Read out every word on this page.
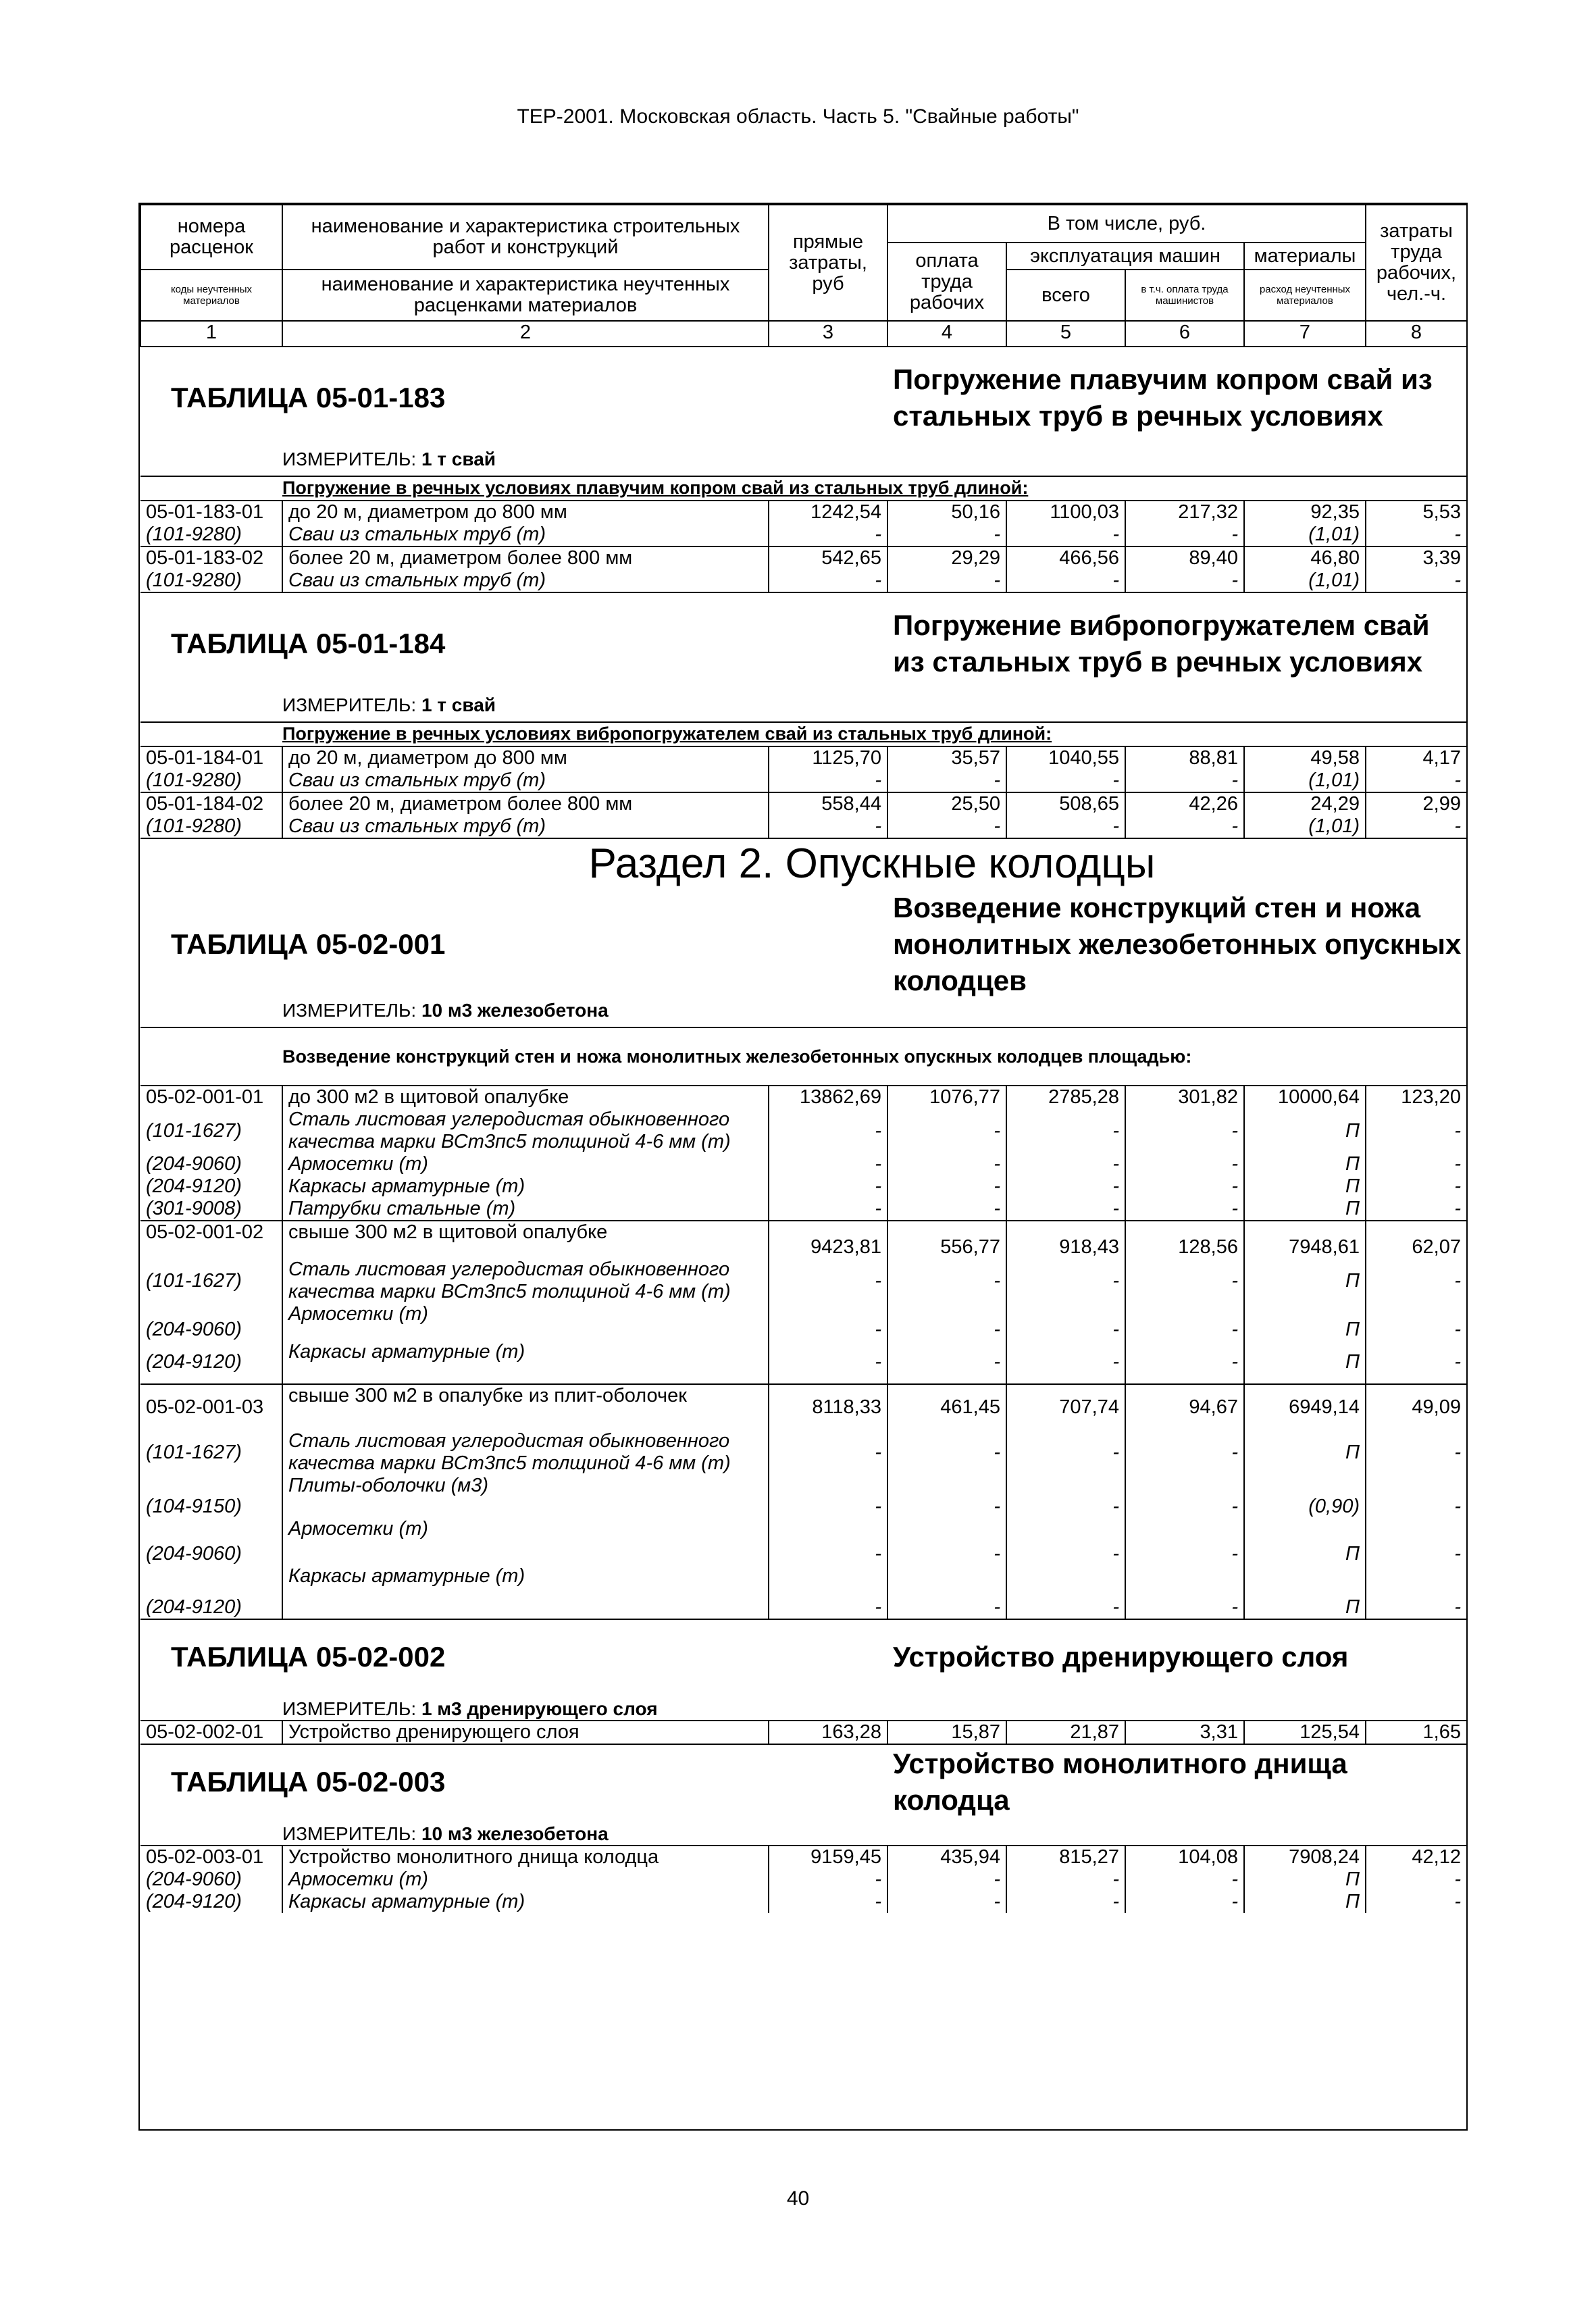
ТЕР-2001. Московская область. Часть 5. "Свайные работы"
номера расценок	наименование и характеристика строительных работ и конструкций	прямые затраты, руб	В том числе, руб.				затраты труда рабочих, чел.-ч.
			оплата труда рабочих	эксплуатация машин		материалы	
коды неучтенных материалов	наименование и характеристика неучтенных расценками материалов			всего	в т.ч. оплата труда машинистов	расход неучтенных материалов	

1	2	3	4	5	6	7	8
ТАБЛИЦА 05-01-183			Погружение плавучим копром свай из стальных труб в речных условиях				
ИЗМЕРИТЕЛЬ: 1 т свай							
Погружение в речных условиях плавучим копром свай из стальных труб длиной:							
05-01-183-01	до 20 м, диаметром до 800 мм	1242,54	50,16	1100,03	217,32	92,35	5,53
(101-9280)	Сваи из стальных труб (т)	-	-	-	-	(1,01)	-
05-01-183-02	более 20 м, диаметром более 800 мм	542,65	29,29	466,56	89,40	46,80	3,39
(101-9280)	Сваи из стальных труб (т)	-	-	-	-	(1,01)	-
ТАБЛИЦА 05-01-184			Погружение вибропогружателем свай из стальных труб в речных условиях				
ИЗМЕРИТЕЛЬ: 1 т свай							
Погружение в речных условиях вибропогружателем свай из стальных труб длиной:							
05-01-184-01	до 20 м, диаметром до 800 мм	1125,70	35,57	1040,55	88,81	49,58	4,17
(101-9280)	Сваи из стальных труб (т)	-	-	-	-	(1,01)	-
05-01-184-02	более 20 м, диаметром более 800 мм	558,44	25,50	508,65	42,26	24,29	2,99
(101-9280)	Сваи из стальных труб (т)	-	-	-	-	(1,01)	-
Раздел 2. Опускные колодцы							
ТАБЛИЦА 05-02-001			Возведение конструкций стен и ножа монолитных железобетонных опускных колодцев				
ИЗМЕРИТЕЛЬ: 10 м3 железобетона							
Возведение конструкций стен и ножа монолитных железобетонных опускных колодцев площадью:							
05-02-001-01	до 300 м2 в щитовой опалубке	13862,69	1076,77	2785,28	301,82	10000,64	123,20
(101-1627)	Сталь листовая углеродистая обыкновенного качества марки ВСт3пс5 толщиной 4-6 мм (т)	-	-	-	-	П	-
(204-9060)	Армосетки (т)	-	-	-	-	П	-
(204-9120)	Каркасы арматурные (т)	-	-	-	-	П	-
(301-9008)	Патрубки стальные (т)	-	-	-	-	П	-
05-02-001-02	свыше 300 м2 в щитовой опалубке	9423,81	556,77	918,43	128,56	7948,61	62,07
(101-1627)	Сталь листовая углеродистая обыкновенного качества марки ВСт3пс5 толщиной 4-6 мм (т)	-	-	-	-	П	-
(204-9060)	Армосетки (т)	-	-	-	-	П	-
(204-9120)	Каркасы арматурные (т)	-	-	-	-	П	-
05-02-001-03	свыше 300 м2 в опалубке из плит-оболочек	8118,33	461,45	707,74	94,67	6949,14	49,09
(101-1627)	Сталь листовая углеродистая обыкновенного качества марки ВСт3пс5 толщиной 4-6 мм (т)	-	-	-	-	П	-
(104-9150)	Плиты-оболочки (м3)	-	-	-	-	(0,90)	-
(204-9060)	Армосетки (т)	-	-	-	-	П	-
(204-9120)	Каркасы арматурные (т)	-	-	-	-	П	-
ТАБЛИЦА 05-02-002			Устройство дренирующего слоя				
ИЗМЕРИТЕЛЬ: 1 м3 дренирующего слоя							
05-02-002-01	Устройство дренирующего слоя	163,28	15,87	21,87	3,31	125,54	1,65
ТАБЛИЦА 05-02-003			Устройство монолитного днища колодца				
ИЗМЕРИТЕЛЬ: 10 м3 железобетона							
05-02-003-01	Устройство монолитного днища колодца	9159,45	435,94	815,27	104,08	7908,24	42,12
(204-9060)	Армосетки (т)	-	-	-	-	П	-
(204-9120)	Каркасы арматурные (т)	-	-	-	-	П	-
40
